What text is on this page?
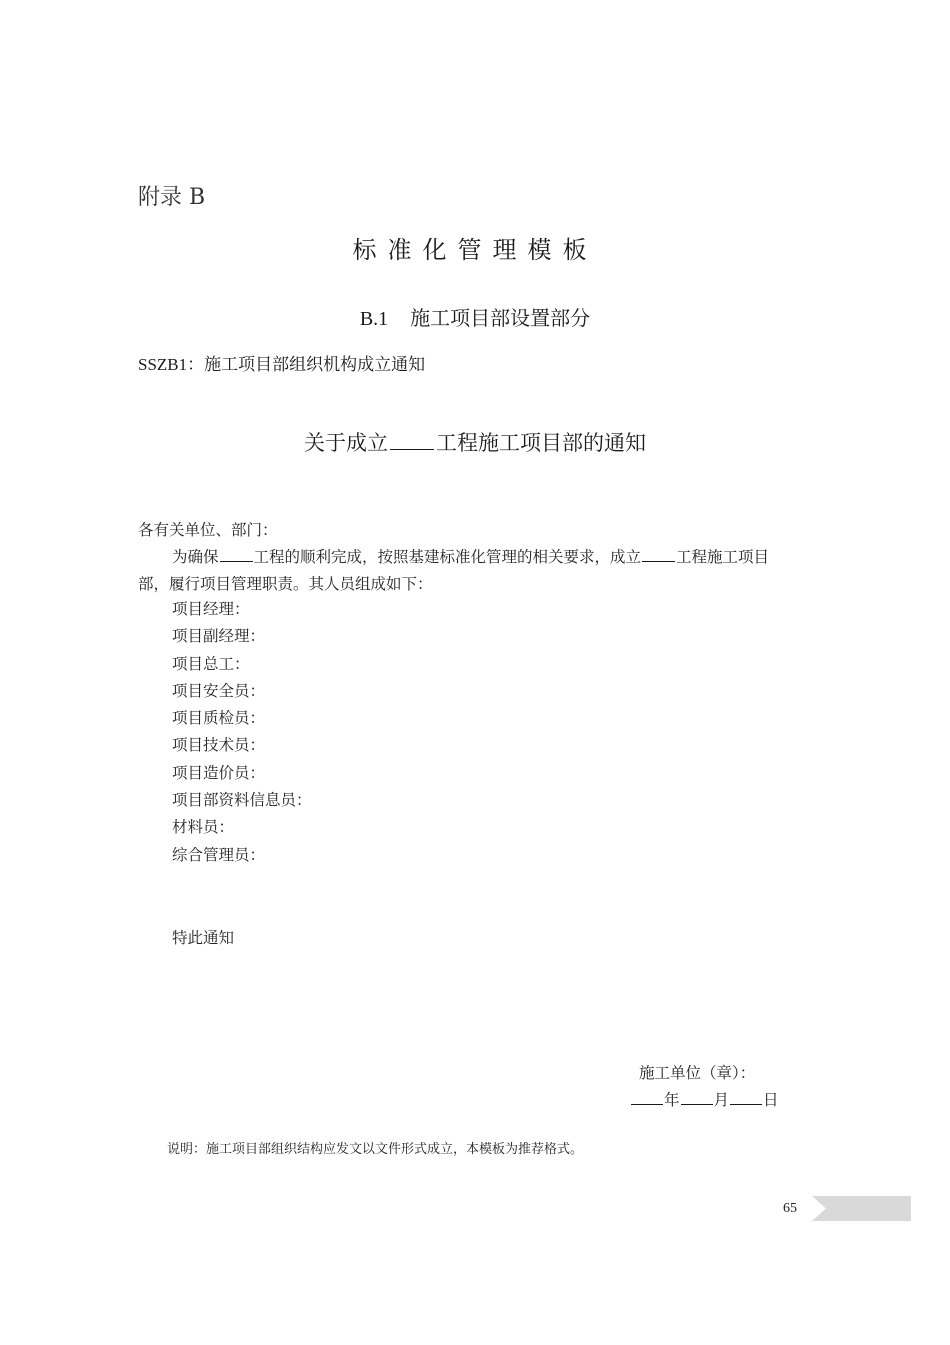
附录 B
标准化管理模板
B.1 施工项目部设置部分
SSZB1：施工项目部组织机构成立通知
关于成立 工程施工项目部的通知
各有关单位、部门：
为确保 工程的顺利完成，按照基建标准化管理的相关要求，成立 工程施工项目
部，履行项目管理职责。其人员组成如下：
项目经理：
项目副经理：
项目总工：
项目安全员：
项目质检员：
项目技术员：
项目造价员：
项目部资料信息员：
材料员：
综合管理员：
特此通知
施工单位（章）：
年 月 日
说明：施工项目部组织结构应发文以文件形式成立，本模板为推荐格式。
65
